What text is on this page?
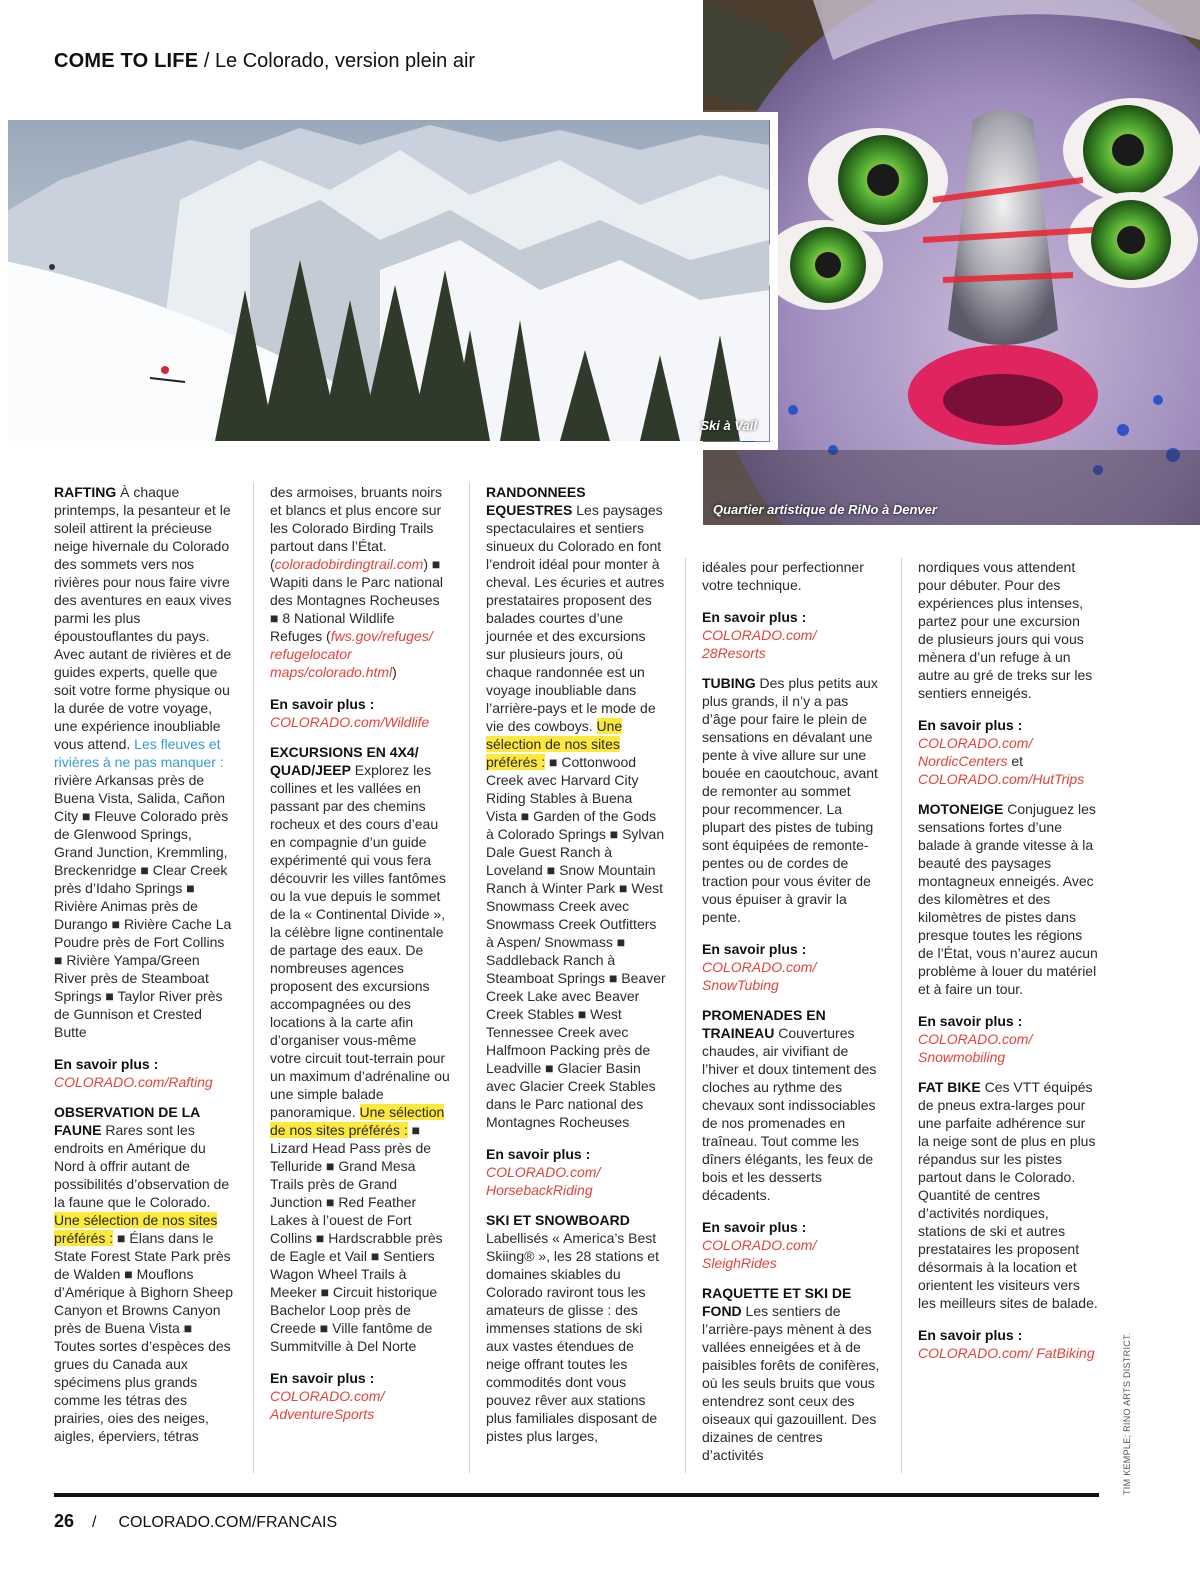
COME TO LIFE / Le Colorado, version plein air
Quartier artistique de RiNo à Denver
Ski à Vail

RAFTING À chaque printemps, la pesanteur et le soleil attirent la précieuse neige hivernale du Colorado des sommets vers nos rivières pour nous faire vivre des aventures en eaux vives parmi les plus époustouflantes du pays. Avec autant de rivières et de guides experts, quelle que soit votre forme physique ou la durée de votre voyage, une expérience inoubliable vous attend. Les fleuves et rivières à ne pas manquer : rivière Arkansas près de Buena Vista, Salida, Cañon City ■ Fleuve Colorado près de Glenwood Springs, Grand Junction, Kremmling, Breckenridge ■ Clear Creek près d’Idaho Springs ■ Rivière Animas près de Durango ■ Rivière Cache La Poudre près de Fort Collins ■ Rivière Yampa/Green River près de Steamboat Springs ■ Taylor River près de Gunnison et Crested Butte

En savoir plus :

COLORADO.com/Rafting

OBSERVATION DE LA FAUNE Rares sont les endroits en Amérique du Nord à offrir autant de possibilités d’observation de la faune que le Colorado. Une sélection de nos sites préférés : ■ Élans dans le State Forest State Park près de Walden ■ Mouflons d’Amérique à Bighorn Sheep Canyon et Browns Canyon près de Buena Vista ■ Toutes sortes d’espèces des grues du Canada aux spécimens plus grands comme les tétras des prairies, oies des neiges, aigles, éperviers, tétras

des armoises, bruants noirs et blancs et plus encore sur les Colorado Birding Trails partout dans l’État. (coloradobirdingtrail.com) ■ Wapiti dans le Parc national des Montagnes Rocheuses ■ 8 National Wildlife Refuges (fws.gov/refuges/ refugelocator maps/colorado.html)

En savoir plus :

COLORADO.com/Wildlife

EXCURSIONS EN 4X4/ QUAD/JEEP Explorez les collines et les vallées en passant par des chemins rocheux et des cours d’eau en compagnie d’un guide expérimenté qui vous fera découvrir les villes fantômes ou la vue depuis le sommet de la « Continental Divide », la célèbre ligne continentale de partage des eaux. De nombreuses agences proposent des excursions accompagnées ou des locations à la carte afin d’organiser vous-même votre circuit tout-terrain pour un maximum d’adrénaline ou une simple balade panoramique. Une sélection de nos sites préférés : ■ Lizard Head Pass près de Telluride ■ Grand Mesa Trails près de Grand Junction ■ Red Feather Lakes à l’ouest de Fort Collins ■ Hardscrabble près de Eagle et Vail ■ Sentiers Wagon Wheel Trails à Meeker ■ Circuit historique Bachelor Loop près de Creede ■ Ville fantôme de Summitville à Del Norte

En savoir plus :

COLORADO.com/ AdventureSports

RANDONNEES EQUESTRES Les paysages spectaculaires et sentiers sinueux du Colorado en font l’endroit idéal pour monter à cheval. Les écuries et autres prestataires proposent des balades courtes d’une journée et des excursions sur plusieurs jours, où chaque randonnée est un voyage inoubliable dans l’arrière-pays et le mode de vie des cowboys. Une sélection de nos sites préférés : ■ Cottonwood Creek avec Harvard City Riding Stables à Buena Vista ■ Garden of the Gods à Colorado Springs ■ Sylvan Dale Guest Ranch à Loveland ■ Snow Mountain Ranch à Winter Park ■ West Snowmass Creek avec Snowmass Creek Outfitters à Aspen/ Snowmass ■ Saddleback Ranch à Steamboat Springs ■ Beaver Creek Lake avec Beaver Creek Stables ■ West Tennessee Creek avec Halfmoon Packing près de Leadville ■ Glacier Basin avec Glacier Creek Stables dans le Parc national des Montagnes Rocheuses

En savoir plus :

COLORADO.com/ HorsebackRiding

SKI ET SNOWBOARD Labellisés « America’s Best Skiing® », les 28 stations et domaines skiables du Colorado raviront tous les amateurs de glisse : des immenses stations de ski aux vastes étendues de neige offrant toutes les commodités dont vous pouvez rêver aux stations plus familiales disposant de pistes plus larges,

idéales pour perfectionner votre technique.

En savoir plus :

COLORADO.com/ 28Resorts

TUBING Des plus petits aux plus grands, il n’y a pas d’âge pour faire le plein de sensations en dévalant une pente à vive allure sur une bouée en caoutchouc, avant de remonter au sommet pour recommencer. La plupart des pistes de tubing sont équipées de remonte-pentes ou de cordes de traction pour vous éviter de vous épuiser à gravir la pente.

En savoir plus :

COLORADO.com/ SnowTubing

PROMENADES EN TRAINEAU Couvertures chaudes, air vivifiant de l’hiver et doux tintement des cloches au rythme des chevaux sont indissociables de nos promenades en traîneau. Tout comme les dîners élégants, les feux de bois et les desserts décadents.

En savoir plus :

COLORADO.com/ SleighRides

RAQUETTE ET SKI DE FOND Les sentiers de l’arrière-pays mènent à des vallées enneigées et à de paisibles forêts de conifères, où les seuls bruits que vous entendrez sont ceux des oiseaux qui gazouillent. Des dizaines de centres d’activités

nordiques vous attendent pour débuter. Pour des expériences plus intenses, partez pour une excursion de plusieurs jours qui vous mènera d’un refuge à un autre au gré de treks sur les sentiers enneigés.

En savoir plus :

COLORADO.com/ NordicCenters et COLORADO.com/HutTrips

MOTONEIGE Conjuguez les sensations fortes d’une balade à grande vitesse à la beauté des paysages montagneux enneigés. Avec des kilomètres et des kilomètres de pistes dans presque toutes les régions de l’État, vous n’aurez aucun problème à louer du matériel et à faire un tour.

En savoir plus :

COLORADO.com/ Snowmobiling

FAT BIKE Ces VTT équipés de pneus extra-larges pour une parfaite adhérence sur la neige sont de plus en plus répandus sur les pistes partout dans le Colorado. Quantité de centres d’activités nordiques, stations de ski et autres prestataires les proposent désormais à la location et orientent les visiteurs vers les meilleurs sites de balade.

En savoir plus :

COLORADO.com/ FatBiking	TIM KEMPLE; RINO ARTS DISTRICT.
26 / COLORADO.COM/FRANCAIS
